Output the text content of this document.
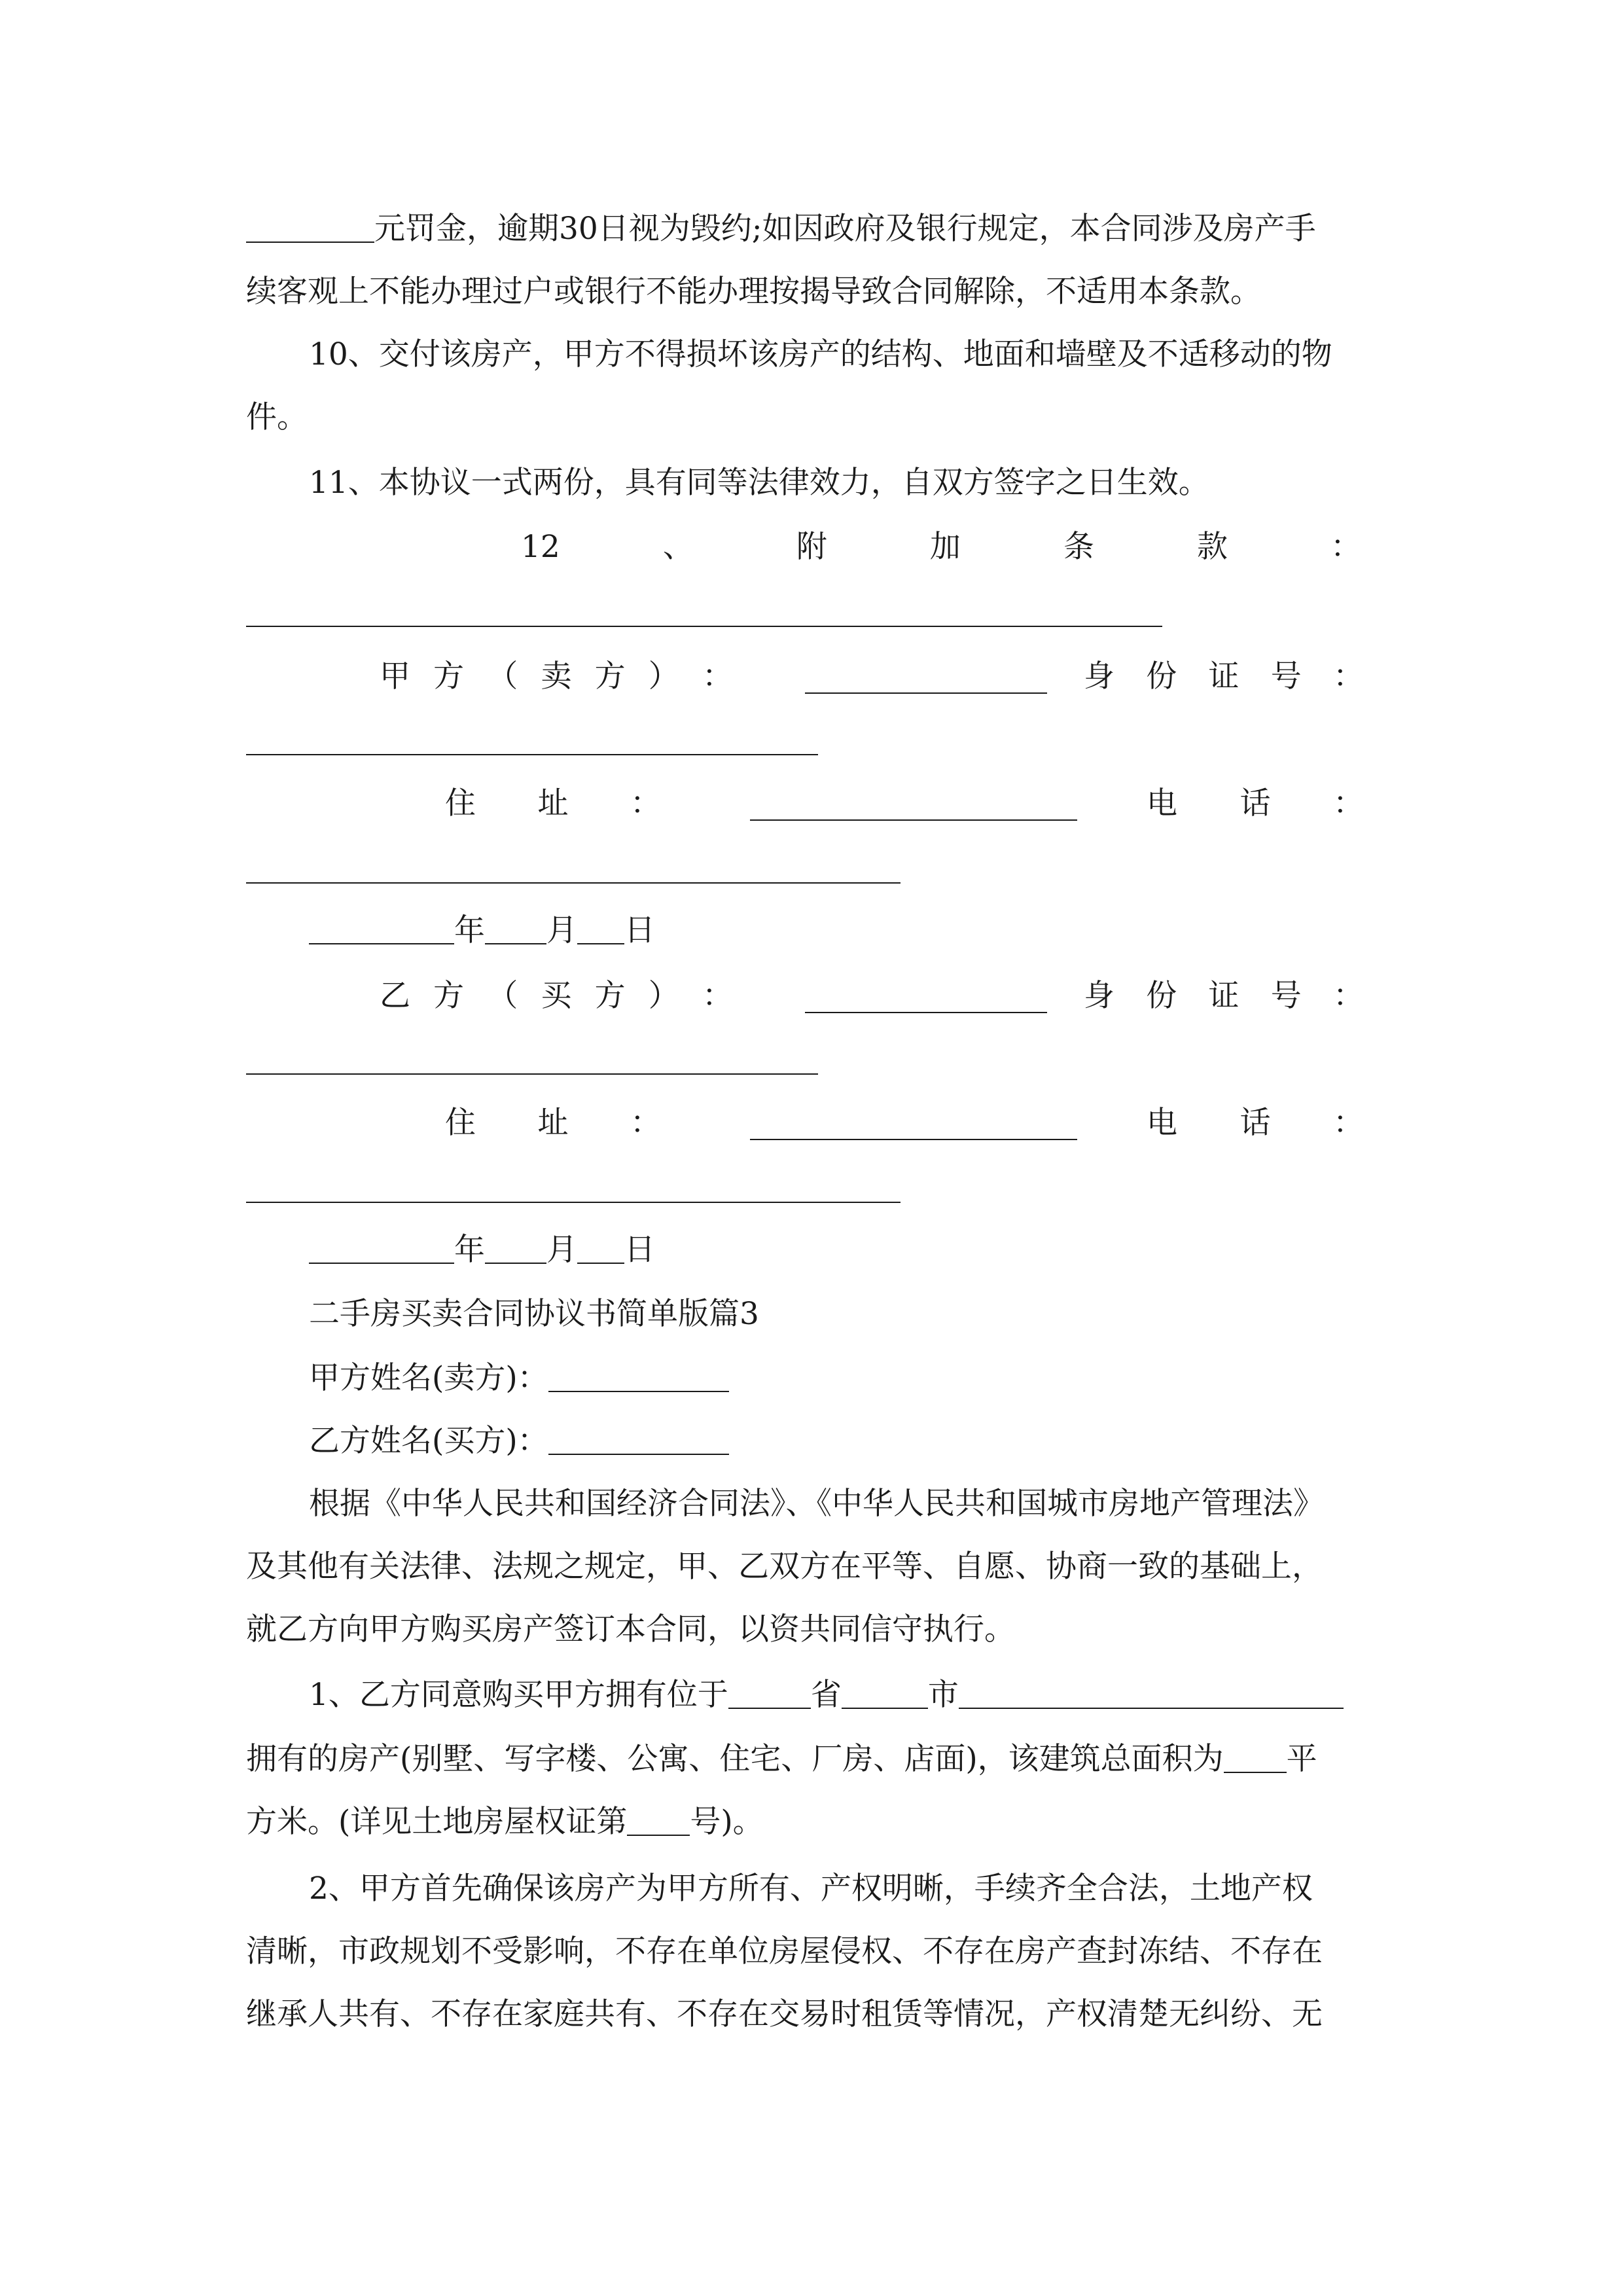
元罚金，逾期30日视为毁约;如因政府及银行规定，本合同涉及房产手
续客观上不能办理过户或银行不能办理按揭导致合同解除，不适用本条款。
10、交付该房产，甲方不得损坏该房产的结构、地面和墙壁及不适移动的物
件。
11、本协议一式两份，具有同等法律效力，自双方签字之日生效。
12	、	附	加	条	款	：
甲 方 （ 卖 方 ） ：	身 份 证 号 ：
住 址 ：	电 话 ：
年 月 日
乙 方 （ 买 方 ） ：	身 份 证 号 ：
住 址 ：	电 话 ：
年 月 日
二手房买卖合同协议书简单版篇3
甲方姓名(卖方)：
乙方姓名(买方)：
根据《中华人民共和国经济合同法》、《中华人民共和国城市房地产管理法》
及其他有关法律、法规之规定，甲、乙双方在平等、自愿、协商一致的基础上，
就乙方向甲方购买房产签订本合同，以资共同信守执行。
1、乙方同意购买甲方拥有位于	省	市
拥有的房产(别墅、写字楼、公寓、住宅、厂房、店面)，该建筑总面积为 平
方米。(详见土地房屋权证第 号)。
2、甲方首先确保该房产为甲方所有、产权明晰，手续齐全合法，土地产权
清晰，市政规划不受影响，不存在单位房屋侵权、不存在房产查封冻结、不存在
继承人共有、不存在家庭共有、不存在交易时租赁等情况，产权清楚无纠纷、无
